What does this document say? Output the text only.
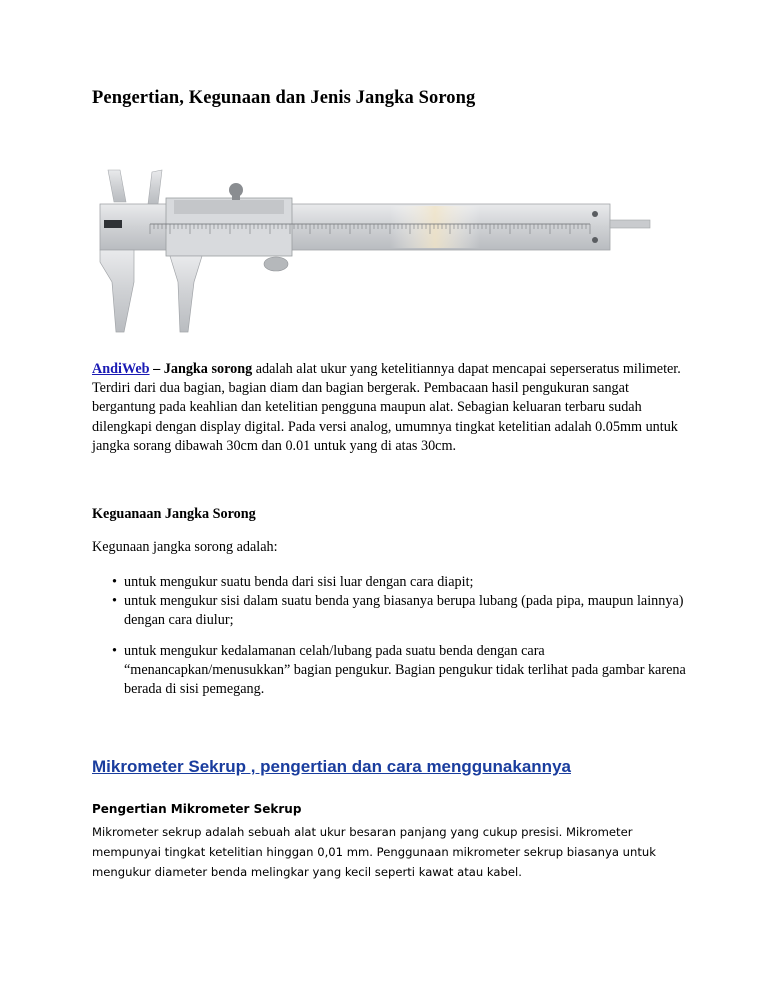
Pengertian, Kegunaan dan Jenis Jangka Sorong

AndiWeb – Jangka sorong adalah alat ukur yang ketelitiannya dapat mencapai seperseratus milimeter. Terdiri dari dua bagian, bagian diam dan bagian bergerak. Pembacaan hasil pengukuran sangat bergantung pada keahlian dan ketelitian pengguna maupun alat. Sebagian keluaran terbaru sudah dilengkapi dengan display digital. Pada versi analog, umumnya tingkat ketelitian adalah 0.05mm untuk jangka sorang dibawah 30cm dan 0.01 untuk yang di atas 30cm.

Keguanaan Jangka Sorong

Kegunaan jangka sorong adalah:

• untuk mengukur suatu benda dari sisi luar dengan cara diapit;
• untuk mengukur sisi dalam suatu benda yang biasanya berupa lubang (pada pipa, maupun lainnya) dengan cara diulur;
• untuk mengukur kedalamanan celah/lubang pada suatu benda dengan cara “menancapkan/menusukkan” bagian pengukur. Bagian pengukur tidak terlihat pada gambar karena berada di sisi pemegang.
Mikrometer Sekrup , pengertian dan cara menggunakannya
Pengertian Mikrometer Sekrup

Mikrometer sekrup adalah sebuah alat ukur besaran panjang yang cukup presisi. Mikrometer mempunyai tingkat ketelitian hinggan 0,01 mm. Penggunaan mikrometer sekrup biasanya untuk mengukur diameter benda melingkar yang kecil seperti kawat atau kabel.
